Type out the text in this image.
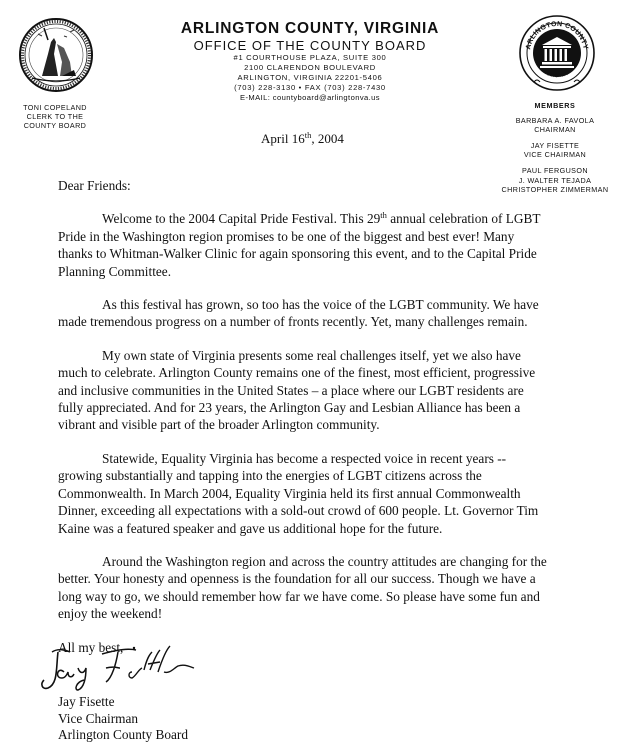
TONI COPELAND
CLERK TO THE
COUNTY BOARD
ARLINGTON COUNTY, VIRGINIA
OFFICE OF THE COUNTY BOARD
#1 COURTHOUSE PLAZA, SUITE 300
2100 CLARENDON BOULEVARD
ARLINGTON, VIRGINIA 22201-5406
(703) 228-3130 • FAX (703) 228-7430
E-MAIL: countyboard@arlingtonva.us
ARLINGTON COUNTY
VIRGINIA
MEMBERS
BARBARA A. FAVOLA
CHAIRMAN
JAY FISETTE
VICE CHAIRMAN
PAUL FERGUSON
J. WALTER TEJADA
CHRISTOPHER ZIMMERMAN
April 16th, 2004

Dear Friends:

Welcome to the 2004 Capital Pride Festival. This 29th annual celebration of LGBT Pride in the Washington region promises to be one of the biggest and best ever! Many thanks to Whitman-Walker Clinic for again sponsoring this event, and to the Capital Pride Planning Committee.

As this festival has grown, so too has the voice of the LGBT community. We have made tremendous progress on a number of fronts recently. Yet, many challenges remain.

My own state of Virginia presents some real challenges itself, yet we also have much to celebrate. Arlington County remains one of the finest, most efficient, progressive and inclusive communities in the United States – a place where our LGBT residents are fully appreciated. And for 23 years, the Arlington Gay and Lesbian Alliance has been a vibrant and visible part of the broader Arlington community.

Statewide, Equality Virginia has become a respected voice in recent years -- growing substantially and tapping into the energies of LGBT citizens across the Commonwealth. In March 2004, Equality Virginia held its first annual Commonwealth Dinner, exceeding all expectations with a sold-out crowd of 600 people. Lt. Governor Tim Kaine was a featured speaker and gave us additional hope for the future.

Around the Washington region and across the country attitudes are changing for the better. Your honesty and openness is the foundation for all our success. Though we have a long way to go, we should remember how far we have come. So please have some fun and enjoy the weekend!

All my best,

Jay Fisette
Vice Chairman
Arlington County Board
